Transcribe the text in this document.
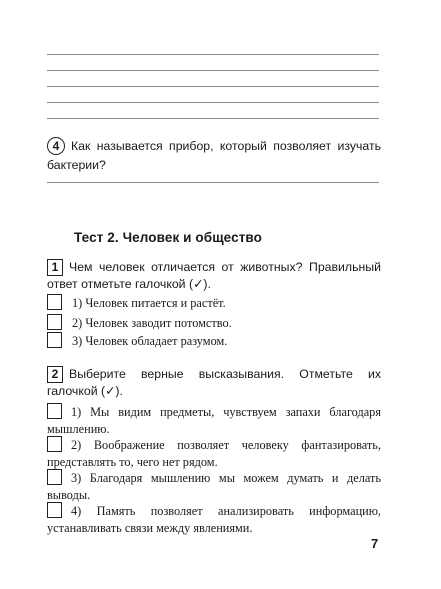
4 Как называется прибор, который позволяет изучать бактерии?
Тест 2. Человек и общество
1 Чем человек отличается от животных? Правильный ответ отметьте галочкой (✓).
1) Человек питается и растёт.
2) Человек заводит потомство.
3) Человек обладает разумом.
2 Выберите верные высказывания. Отметьте их галочкой (✓).
1) Мы видим предметы, чувствуем запахи благодаря мышлению.
2) Воображение позволяет человеку фантазировать, представлять то, чего нет рядом.
3) Благодаря мышлению мы можем думать и делать выводы.
4) Память позволяет анализировать информацию, устанавливать связи между явлениями.
7
